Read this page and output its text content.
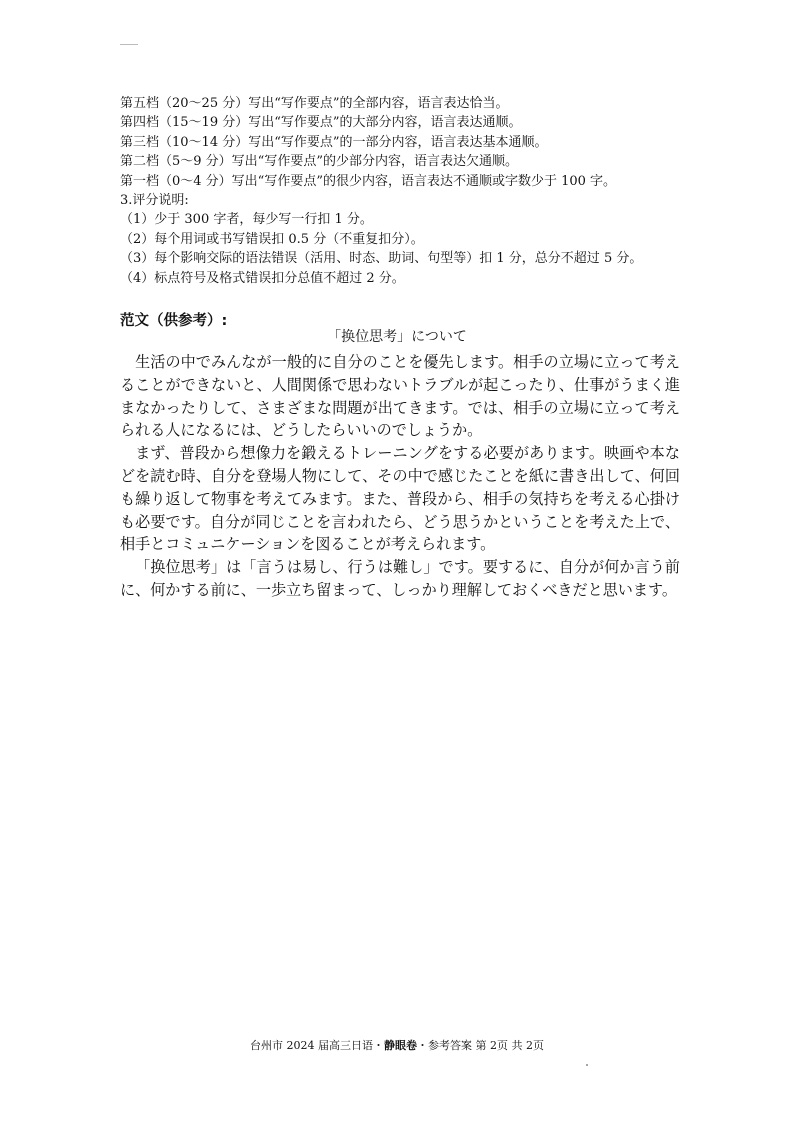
第五档（20～25 分）写出“写作要点”的全部内容，语言表达恰当。
第四档（15～19 分）写出“写作要点”的大部分内容，语言表达通顺。
第三档（10～14 分）写出“写作要点”的一部分内容，语言表达基本通顺。
第二档（5～9 分）写出“写作要点”的少部分内容，语言表达欠通顺。
第一档（0～4 分）写出“写作要点”的很少内容，语言表达不通顺或字数少于 100 字。
3.评分说明:
（1）少于 300 字者，每少写一行扣 1 分。
（2）每个用词或书写错误扣 0.5 分（不重复扣分）。
（3）每个影响交际的语法错误（活用、时态、助词、句型等）扣 1 分，总分不超过 5 分。
（4）标点符号及格式错误扣分总值不超过 2 分。
范文（供参考）:
「换位思考」について

生活の中でみんなが一般的に自分のことを優先します。相手の立場に立って考えることができないと、人間関係で思わないトラブルが起こったり、仕事がうまく進まなかったりして、さまざまな問題が出てきます。では、相手の立場に立って考えられる人になるには、どうしたらいいのでしょうか。

まず、普段から想像力を鍛えるトレーニングをする必要があります。映画や本などを読む時、自分を登場人物にして、その中で感じたことを紙に書き出して、何回も繰り返して物事を考えてみます。また、普段から、相手の気持ちを考える心掛けも必要です。自分が同じことを言われたら、どう思うかということを考えた上で、相手とコミュニケーションを図ることが考えられます。

「换位思考」は「言うは易し、行うは難し」です。要するに、自分が何か言う前に、何かする前に、一歩立ち留まって、しっかり理解しておくべきだと思います。

台州市 2024 届高三日语・静眼卷・参考答案 第 2页 共 2页
